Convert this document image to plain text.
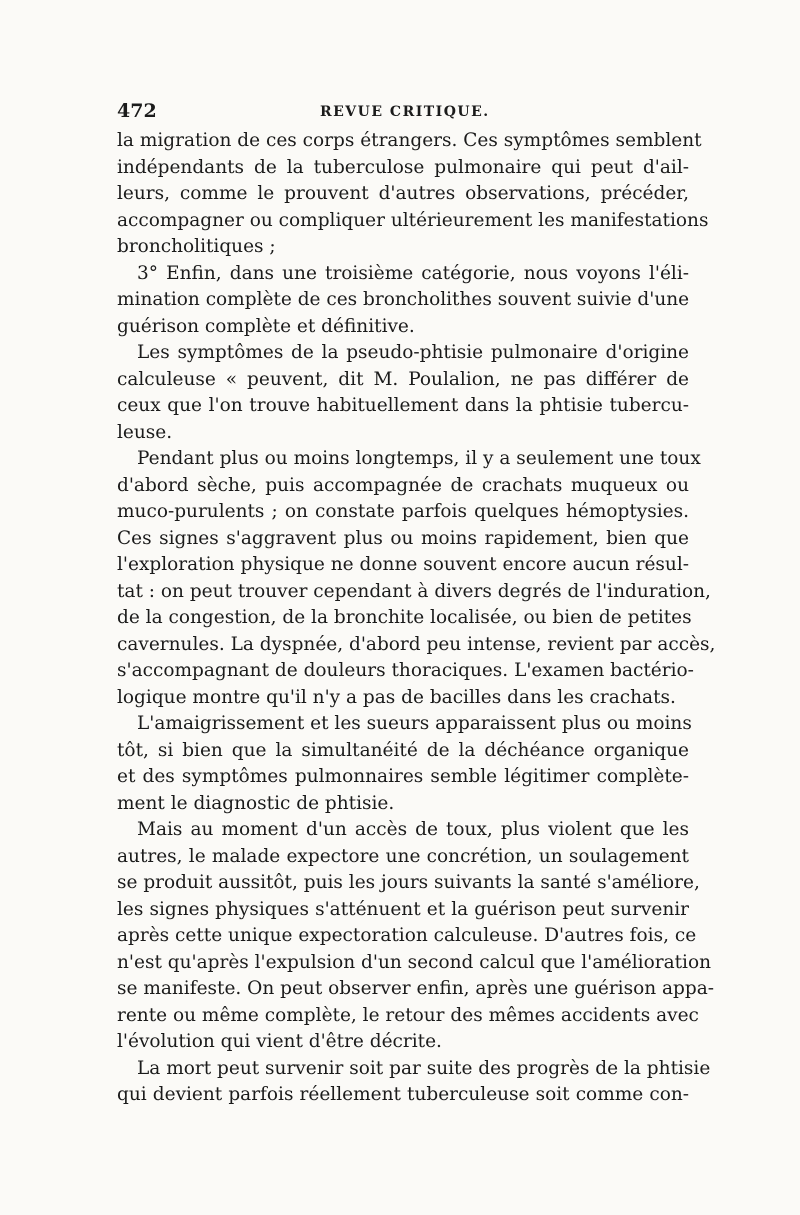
472	REVUE CRITIQUE.
la migration de ces corps étrangers. Ces symptômes semblent
indépendants de la tuberculose pulmonaire qui peut d'ail-
leurs, comme le prouvent d'autres observations, précéder,
accompagner ou compliquer ultérieurement les manifestations
broncholitiques ;
3° Enfin, dans une troisième catégorie, nous voyons l'éli-
mination complète de ces broncholithes souvent suivie d'une
guérison complète et définitive.
Les symptômes de la pseudo-phtisie pulmonaire d'origine
calculeuse « peuvent, dit M. Poulalion, ne pas différer de
ceux que l'on trouve habituellement dans la phtisie tubercu-
leuse.
Pendant plus ou moins longtemps, il y a seulement une toux
d'abord sèche, puis accompagnée de crachats muqueux ou
muco-purulents ; on constate parfois quelques hémoptysies.
Ces signes s'aggravent plus ou moins rapidement, bien que
l'exploration physique ne donne souvent encore aucun résul-
tat : on peut trouver cependant à divers degrés de l'induration,
de la congestion, de la bronchite localisée, ou bien de petites
cavernules. La dyspnée, d'abord peu intense, revient par accès,
s'accompagnant de douleurs thoraciques. L'examen bactério-
logique montre qu'il n'y a pas de bacilles dans les crachats.
L'amaigrissement et les sueurs apparaissent plus ou moins
tôt, si bien que la simultanéité de la déchéance organique
et des symptômes pulmonnaires semble légitimer complète-
ment le diagnostic de phtisie.
Mais au moment d'un accès de toux, plus violent que les
autres, le malade expectore une concrétion, un soulagement
se produit aussitôt, puis les jours suivants la santé s'améliore,
les signes physiques s'atténuent et la guérison peut survenir
après cette unique expectoration calculeuse. D'autres fois, ce
n'est qu'après l'expulsion d'un second calcul que l'amélioration
se manifeste. On peut observer enfin, après une guérison appa-
rente ou même complète, le retour des mêmes accidents avec
l'évolution qui vient d'être décrite.
La mort peut survenir soit par suite des progrès de la phtisie
qui devient parfois réellement tuberculeuse soit comme con-
